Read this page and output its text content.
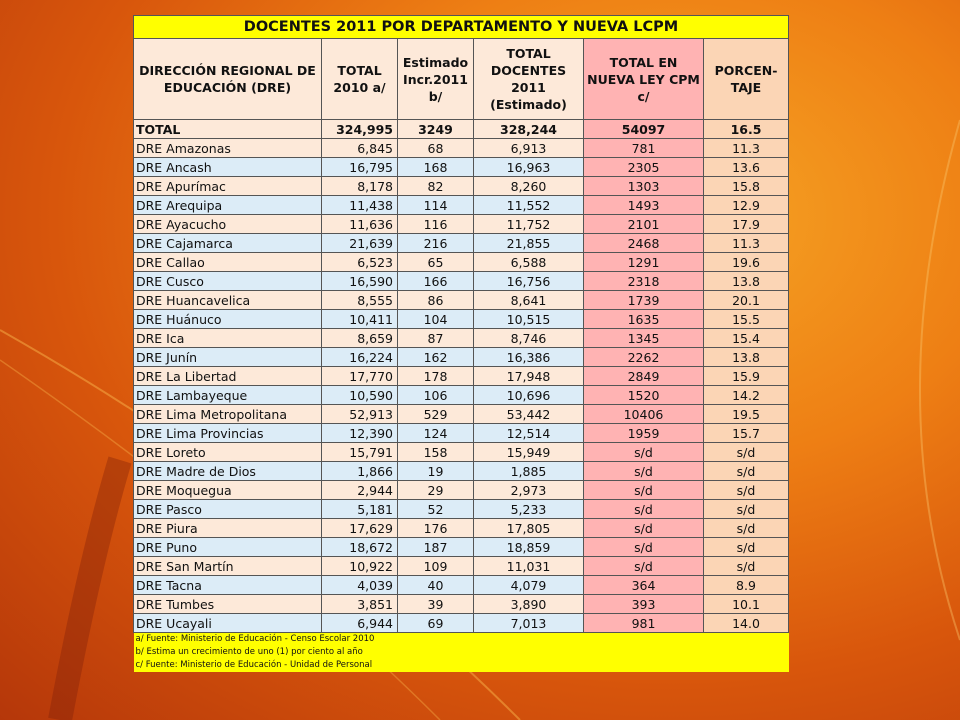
DOCENTES 2011 POR DEPARTAMENTO Y NUEVA LCPM					
DIRECCIÓN REGIONAL DE EDUCACIÓN (DRE)	TOTAL 2010 a/	Estimado Incr.2011 b/	TOTAL DOCENTES 2011 (Estimado)	TOTAL EN NUEVA LEY CPM c/	PORCEN- TAJE
TOTAL	324,995	3249	328,244	54097	16.5
DRE Amazonas	6,845	68	6,913	781	11.3
DRE Ancash	16,795	168	16,963	2305	13.6
DRE Apurímac	8,178	82	8,260	1303	15.8
DRE Arequipa	11,438	114	11,552	1493	12.9
DRE Ayacucho	11,636	116	11,752	2101	17.9
DRE Cajamarca	21,639	216	21,855	2468	11.3
DRE Callao	6,523	65	6,588	1291	19.6
DRE Cusco	16,590	166	16,756	2318	13.8
DRE Huancavelica	8,555	86	8,641	1739	20.1
DRE Huánuco	10,411	104	10,515	1635	15.5
DRE Ica	8,659	87	8,746	1345	15.4
DRE Junín	16,224	162	16,386	2262	13.8
DRE La Libertad	17,770	178	17,948	2849	15.9
DRE Lambayeque	10,590	106	10,696	1520	14.2
DRE Lima Metropolitana	52,913	529	53,442	10406	19.5
DRE Lima Provincias	12,390	124	12,514	1959	15.7
DRE Loreto	15,791	158	15,949	s/d	s/d
DRE Madre de Dios	1,866	19	1,885	s/d	s/d
DRE Moquegua	2,944	29	2,973	s/d	s/d
DRE Pasco	5,181	52	5,233	s/d	s/d
DRE Piura	17,629	176	17,805	s/d	s/d
DRE Puno	18,672	187	18,859	s/d	s/d
DRE San Martín	10,922	109	11,031	s/d	s/d
DRE Tacna	4,039	40	4,079	364	8.9
DRE Tumbes	3,851	39	3,890	393	10.1
DRE Ucayali	6,944	69	7,013	981	14.0
a/ Fuente: Ministerio de Educación - Censo Escolar 2010					
b/ Estima un crecimiento de uno (1) por ciento al año					
c/ Fuente: Ministerio de Educación - Unidad de Personal					
